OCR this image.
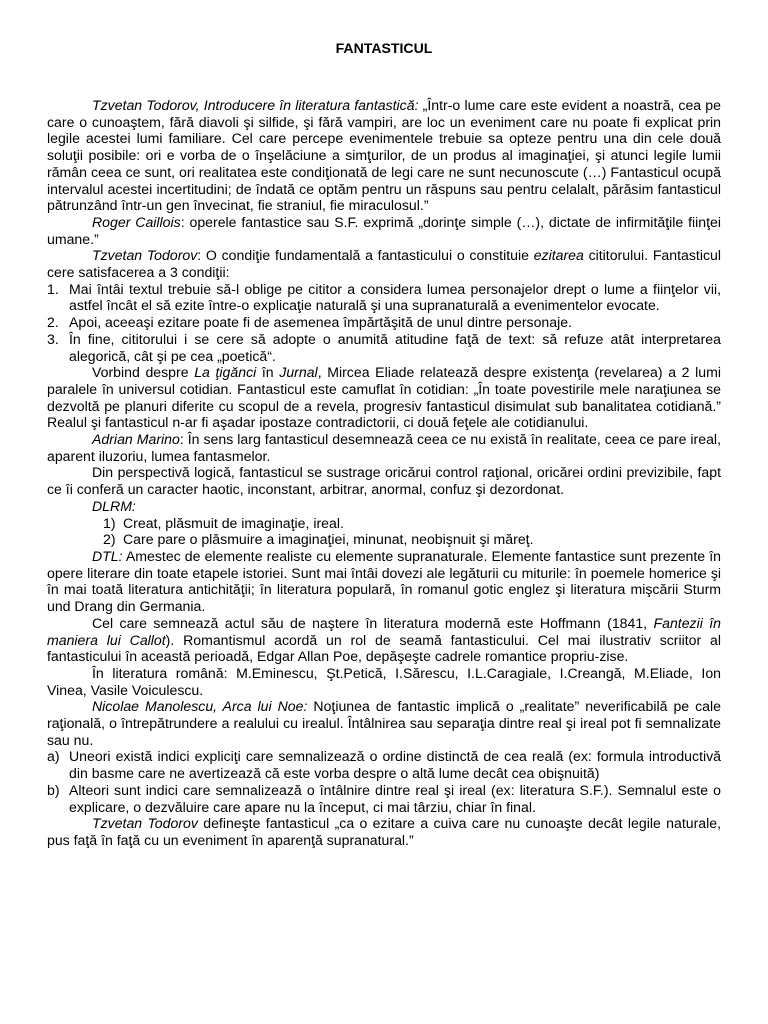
FANTASTICUL

Tzvetan Todorov, Introducere în literatura fantastică: „Într-o lume care este evident a noastră, cea pe care o cunoaştem, fără diavoli şi silfide, şi fără vampiri, are loc un eveniment care nu poate fi explicat prin legile acestei lumi familiare. Cel care percepe evenimentele trebuie sa opteze pentru una din cele două soluţii posibile: ori e vorba de o înşelăciune a simţurilor, de un produs al imaginaţiei, şi atunci legile lumii rămân ceea ce sunt, ori realitatea este condiţionată de legi care ne sunt necunoscute (…) Fantasticul ocupă intervalul acestei incertitudini; de îndată ce optăm pentru un răspuns sau pentru celalalt, părăsim fantasticul pătrunzând într-un gen învecinat, fie straniul, fie miraculosul.”

Roger Caillois: operele fantastice sau S.F. exprimă „dorinţe simple (…), dictate de infirmităţile fiinţei umane.”

Tzvetan Todorov: O condiţie fundamentală a fantasticului o constituie ezitarea cititorului. Fantasticul cere satisfacerea a 3 condiţii:

1. Mai întâi textul trebuie să-l oblige pe cititor a considera lumea personajelor drept o lume a fiinţelor vii, astfel încât el să ezite între-o explicaţie naturală şi una supranaturală a evenimentelor evocate.
2. Apoi, aceeaşi ezitare poate fi de asemenea împărtăşită de unul dintre personaje.
3. În fine, cititorului i se cere să adopte o anumită atitudine faţă de text: să refuze atât interpretarea alegorică, cât şi pe cea „poetică“.

Vorbind despre La ţigănci în Jurnal, Mircea Eliade relatează despre existenţa (revelarea) a 2 lumi paralele în universul cotidian. Fantasticul este camuflat în cotidian: „În toate povestirile mele naraţiunea se dezvoltă pe planuri diferite cu scopul de a revela, progresiv fantasticul disimulat sub banalitatea cotidiană.” Realul şi fantasticul n-ar fi aşadar ipostaze contradictorii, ci două feţele ale cotidianului.

Adrian Marino: În sens larg fantasticul desemnează ceea ce nu există în realitate, ceea ce pare ireal, aparent iluzoriu, lumea fantasmelor.

Din perspectivă logică, fantasticul se sustrage oricărui control raţional, oricărei ordini previzibile, fapt ce îi conferă un caracter haotic, inconstant, arbitrar, anormal, confuz şi dezordonat.

DLRM:

1) Creat, plăsmuit de imaginaţie, ireal.
2) Care pare o plăsmuire a imaginaţiei, minunat, neobişnuit şi măreţ.

DTL: Amestec de elemente realiste cu elemente supranaturale. Elemente fantastice sunt prezente în opere literare din toate etapele istoriei. Sunt mai întâi dovezi ale legăturii cu miturile: în poemele homerice şi în mai toată literatura antichităţii; în literatura populară, în romanul gotic englez şi literatura mişcării Sturm und Drang din Germania.

Cel care semnează actul său de naştere în literatura modernă este Hoffmann (1841, Fantezii în maniera lui Callot). Romantismul acordă un rol de seamă fantasticului. Cel mai ilustrativ scriitor al fantasticului în această perioadă, Edgar Allan Poe, depăşeşte cadrele romantice propriu-zise.

În literatura română: M.Eminescu, Şt.Petică, I.Sărescu, I.L.Caragiale, I.Creangă, M.Eliade, Ion Vinea, Vasile Voiculescu.

Nicolae Manolescu, Arca lui Noe: Noţiunea de fantastic implică o „realitate” neverificabilă pe cale raţională, o întrepătrundere a realului cu irealul. Întâlnirea sau separaţia dintre real şi ireal pot fi semnalizate sau nu.

a) Uneori există indici expliciţi care semnalizează o ordine distinctă de cea reală (ex: formula introductivă din basme care ne avertizează că este vorba despre o altă lume decât cea obişnuită)
b) Alteori sunt indici care semnalizează o întâlnire dintre real şi ireal (ex: literatura S.F.). Semnalul este o explicare, o dezvăluire care apare nu la început, ci mai târziu, chiar în final.

Tzvetan Todorov defineşte fantasticul „ca o ezitare a cuiva care nu cunoaşte decât legile naturale, pus faţă în faţă cu un eveniment în aparenţă supranatural.”
